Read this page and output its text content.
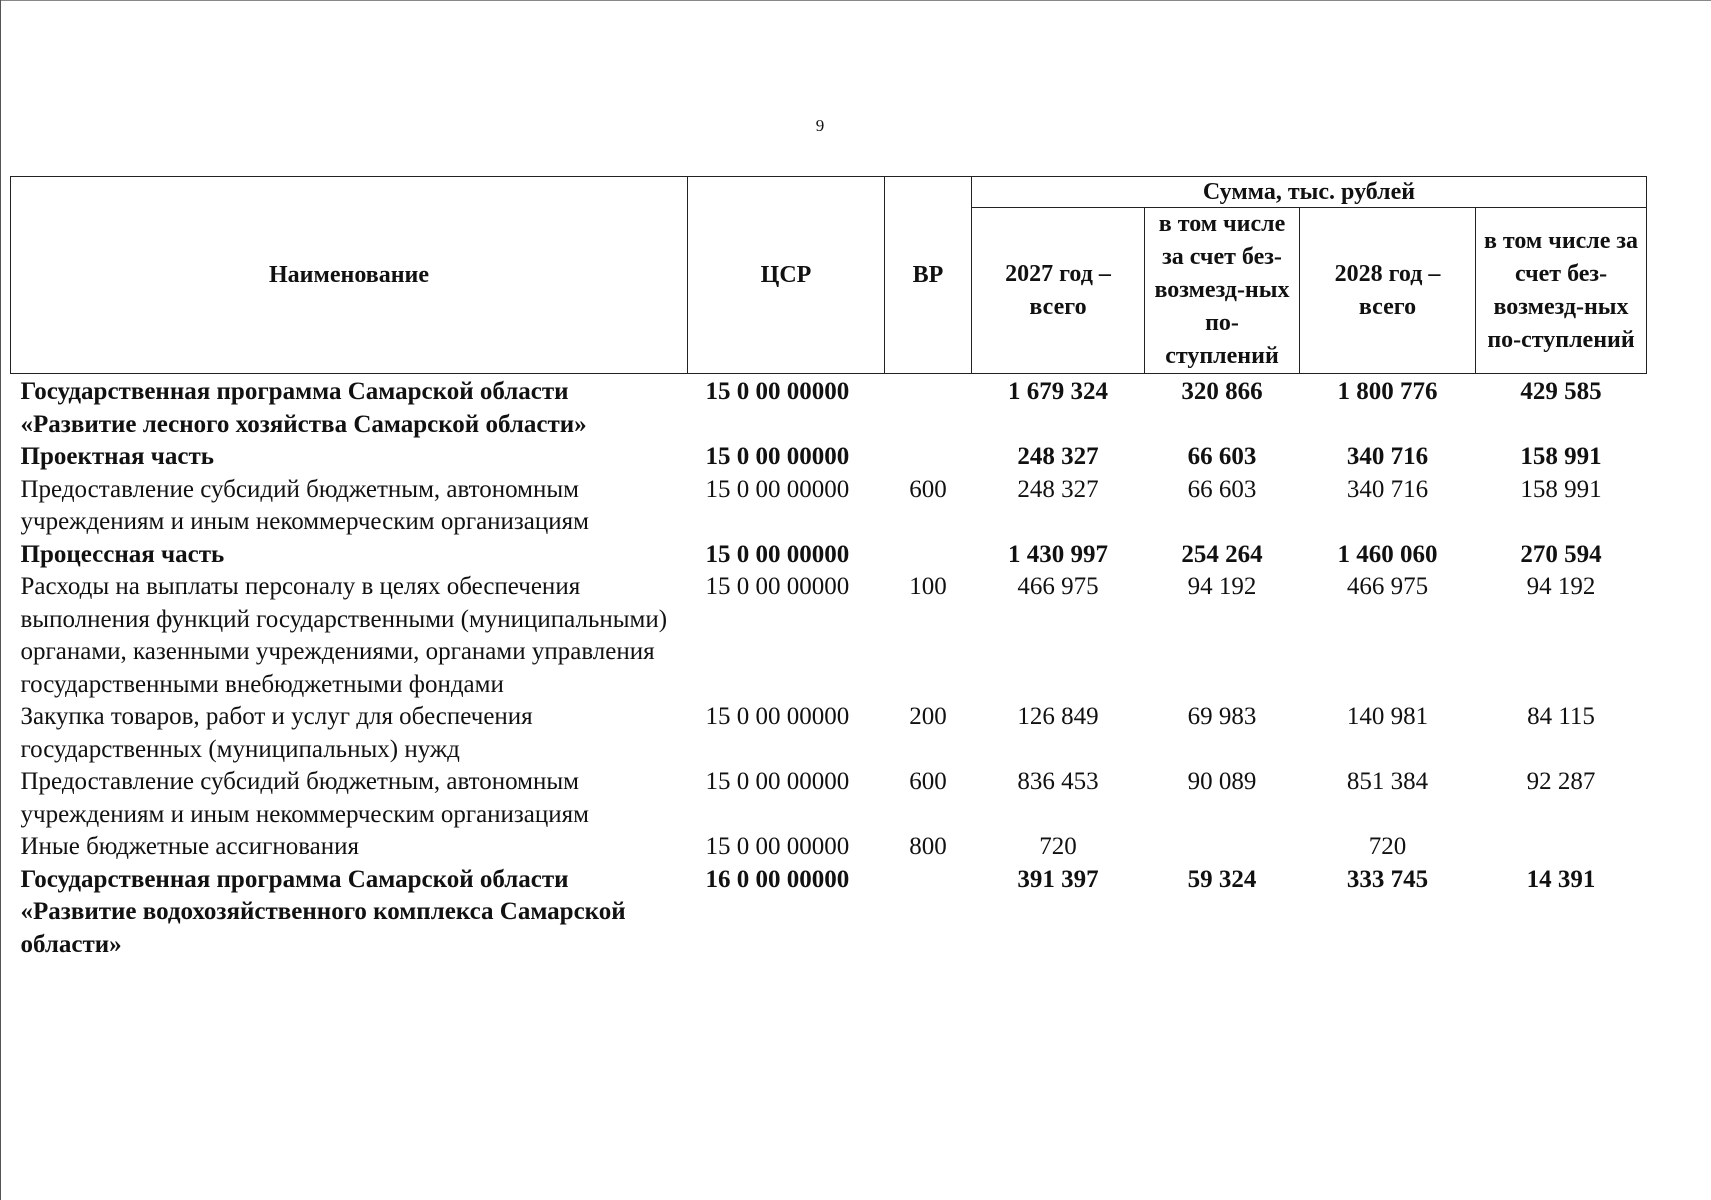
9
Наименование	ЦСР	ВР	Сумма, тыс. рублей			
			2027 год – всего	в том числе за счет без-возмезд-ных по-ступлений	2028 год – всего	в том числе за счет без-возмезд-ных по-ступлений
Государственная программа Самарской области «Развитие лесного хозяйства Самарской области»	15 0 00 00000		1 679 324	320 866	1 800 776	429 585
Проектная часть	15 0 00 00000		248 327	66 603	340 716	158 991
Предоставление субсидий бюджетным, автономным учреждениям и иным некоммерческим организациям	15 0 00 00000	600	248 327	66 603	340 716	158 991
Процессная часть	15 0 00 00000		1 430 997	254 264	1 460 060	270 594
Расходы на выплаты персоналу в целях обеспечения выполнения функций государственными (муниципальными) органами, казенными учреждениями, органами управления государственными внебюджетными фондами	15 0 00 00000	100	466 975	94 192	466 975	94 192
Закупка товаров, работ и услуг для обеспечения государственных (муниципальных) нужд	15 0 00 00000	200	126 849	69 983	140 981	84 115
Предоставление субсидий бюджетным, автономным учреждениям и иным некоммерческим организациям	15 0 00 00000	600	836 453	90 089	851 384	92 287
Иные бюджетные ассигнования	15 0 00 00000	800	720		720	
Государственная программа Самарской области «Развитие водохозяйственного комплекса Самарской области»	16 0 00 00000		391 397	59 324	333 745	14 391
